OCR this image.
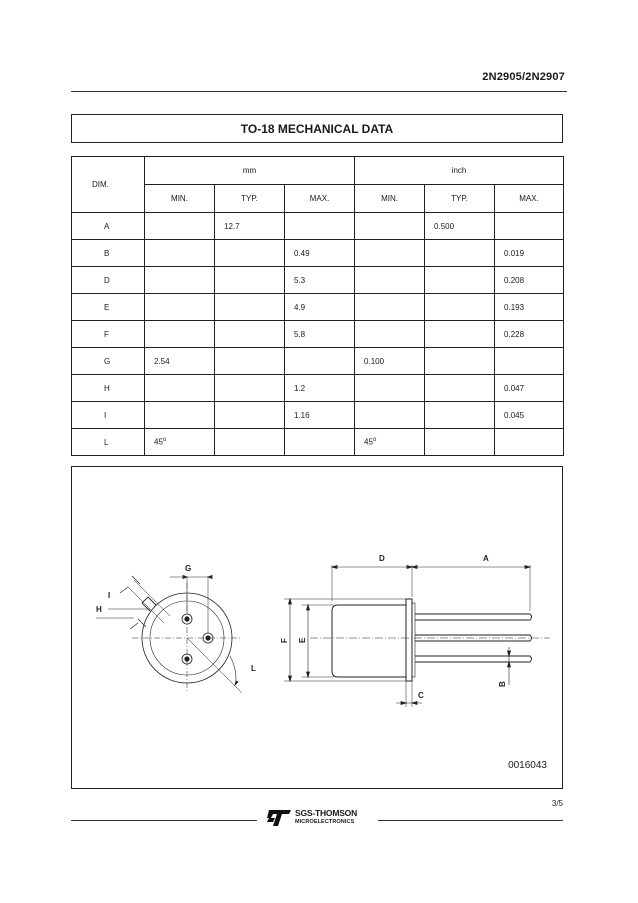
2N2905/2N2907
TO-18 MECHANICAL DATA
DIM.	mm			inch		
	MIN.	TYP.	MAX.	MIN.	TYP.	MAX.
A		12.7			0.500	
B			0.49			0.019
D			5.3			0.208
E			4.9			0.193
F			5.8			0.228
G	2.54			0.100		
H			1.2			0.047
I			1.16			0.045
L	45$^o$			45$^o$		
G
I
H
L
D	A
F E
C
B
0016043
3/5
SGS-THOMSON
MICROELECTRONICS
